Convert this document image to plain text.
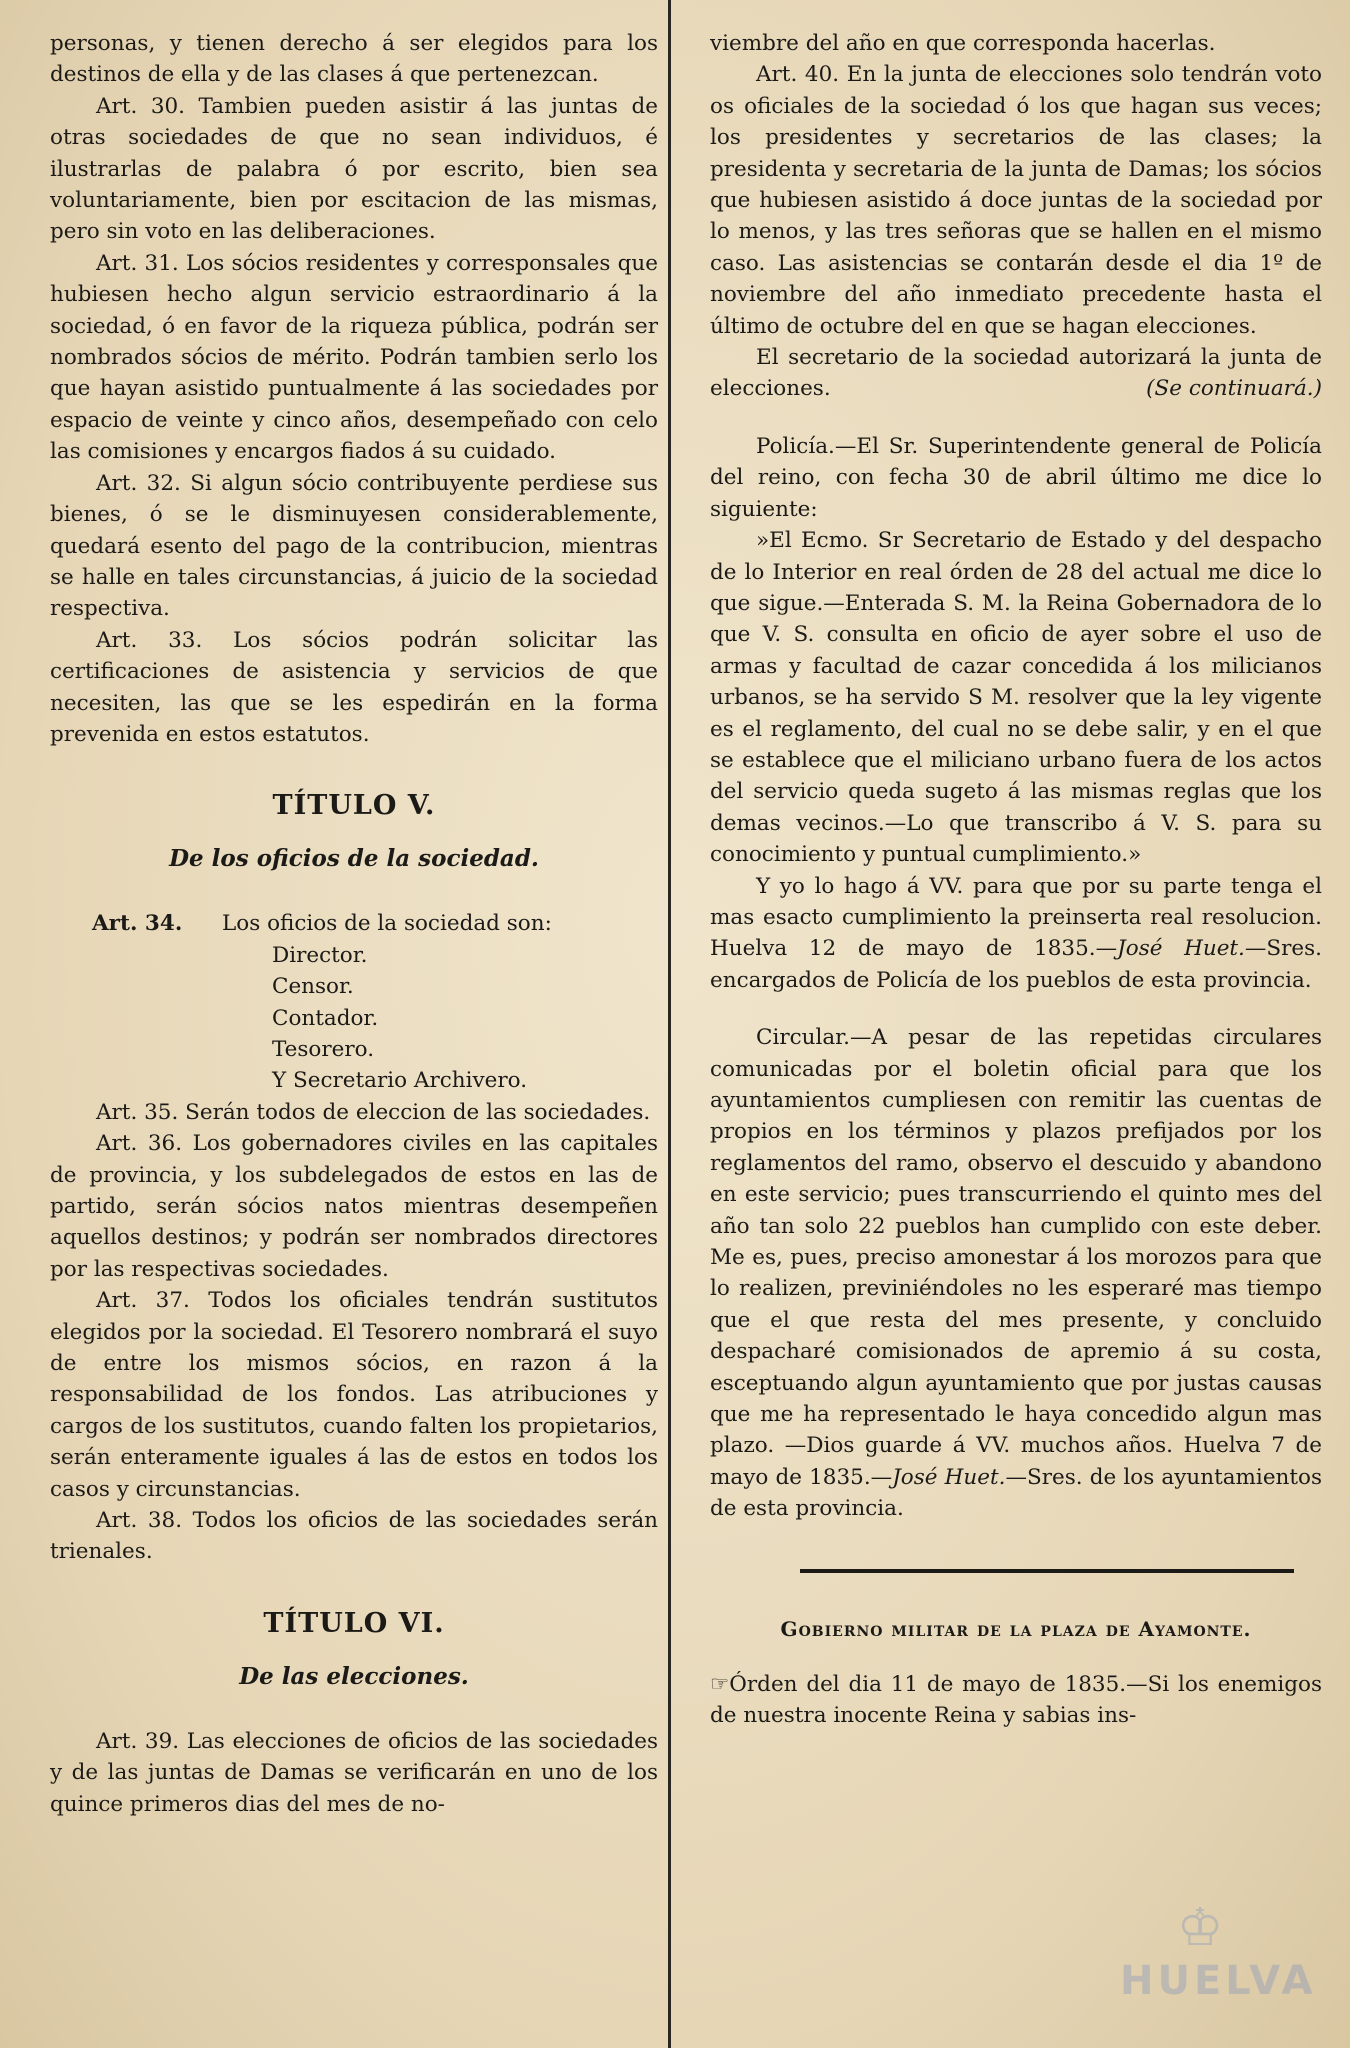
personas, y tienen derecho á ser elegidos para los destinos de ella y de las clases á que pertenezcan.

Art. 30. Tambien pueden asistir á las juntas de otras sociedades de que no sean individuos, é ilustrarlas de palabra ó por escrito, bien sea voluntariamente, bien por escitacion de las mismas, pero sin voto en las deliberaciones.

Art. 31. Los sócios residentes y corresponsales que hubiesen hecho algun servicio estraordinario á la sociedad, ó en favor de la riqueza pública, podrán ser nombrados sócios de mérito. Podrán tambien serlo los que hayan asistido puntualmente á las sociedades por espacio de veinte y cinco años, desempeñado con celo las comisiones y encargos fiados á su cuidado.

Art. 32. Si algun sócio contribuyente perdiese sus bienes, ó se le disminuyesen considerablemente, quedará esento del pago de la contribucion, mientras se halle en tales circunstancias, á juicio de la sociedad respectiva.

Art. 33. Los sócios podrán solicitar las certificaciones de asistencia y servicios de que necesiten, las que se les espedirán en la forma prevenida en estos estatutos.

TÍTULO V.
De los oficios de la sociedad.
Art. 34.	Los oficios de la sociedad son:
Director.
Censor.
Contador.
Tesorero.
Y Secretario Archivero.

Art. 35. Serán todos de eleccion de las sociedades.

Art. 36. Los gobernadores civiles en las capitales de provincia, y los subdelegados de estos en las de partido, serán sócios natos mientras desempeñen aquellos destinos; y podrán ser nombrados directores por las respectivas sociedades.

Art. 37. Todos los oficiales tendrán sustitutos elegidos por la sociedad. El Tesorero nombrará el suyo de entre los mismos sócios, en razon á la responsabilidad de los fondos. Las atribuciones y cargos de los sustitutos, cuando falten los propietarios, serán enteramente iguales á las de estos en todos los casos y circunstancias.

Art. 38. Todos los oficios de las sociedades serán trienales.

TÍTULO VI.
De las elecciones.

Art. 39. Las elecciones de oficios de las sociedades y de las juntas de Damas se verificarán en uno de los quince primeros dias del mes de no-

viembre del año en que corresponda hacerlas.

Art. 40. En la junta de elecciones solo tendrán voto os oficiales de la sociedad ó los que hagan sus veces; los presidentes y secretarios de las clases; la presidenta y secretaria de la junta de Damas; los sócios que hubiesen asistido á doce juntas de la sociedad por lo menos, y las tres señoras que se hallen en el mismo caso. Las asistencias se contarán desde el dia 1º de noviembre del año inmediato precedente hasta el último de octubre del en que se hagan elecciones.

El secretario de la sociedad autorizará la junta de elecciones.	(Se continuará.)

Policía.—El Sr. Superintendente general de Policía del reino, con fecha 30 de abril último me dice lo siguiente:

»El Ecmo. Sr Secretario de Estado y del despacho de lo Interior en real órden de 28 del actual me dice lo que sigue.—Enterada S. M. la Reina Gobernadora de lo que V. S. consulta en oficio de ayer sobre el uso de armas y facultad de cazar concedida á los milicianos urbanos, se ha servido S M. resolver que la ley vigente es el reglamento, del cual no se debe salir, y en el que se establece que el miliciano urbano fuera de los actos del servicio queda sugeto á las mismas reglas que los demas vecinos.—Lo que transcribo á V. S. para su conocimiento y puntual cumplimiento.»

Y yo lo hago á VV. para que por su parte tenga el mas esacto cumplimiento la preinserta real resolucion. Huelva 12 de mayo de 1835.—José Huet.—Sres. encargados de Policía de los pueblos de esta provincia.

Circular.—A pesar de las repetidas circulares comunicadas por el boletin oficial para que los ayuntamientos cumpliesen con remitir las cuentas de propios en los términos y plazos prefijados por los reglamentos del ramo, observo el descuido y abandono en este servicio; pues transcurriendo el quinto mes del año tan solo 22 pueblos han cumplido con este deber. Me es, pues, preciso amonestar á los morozos para que lo realizen, previniéndoles no les esperaré mas tiempo que el que resta del mes presente, y concluido despacharé comisionados de apremio á su costa, esceptuando algun ayuntamiento que por justas causas que me ha representado le haya concedido algun mas plazo. —Dios guarde á VV. muchos años. Huelva 7 de mayo de 1835.—José Huet.—Sres. de los ayuntamientos de esta provincia.

Gobierno militar de la plaza de Ayamonte.

☞Órden del dia 11 de mayo de 1835.—Si los enemigos de nuestra inocente Reina y sabias ins-

♔
HUELVA
